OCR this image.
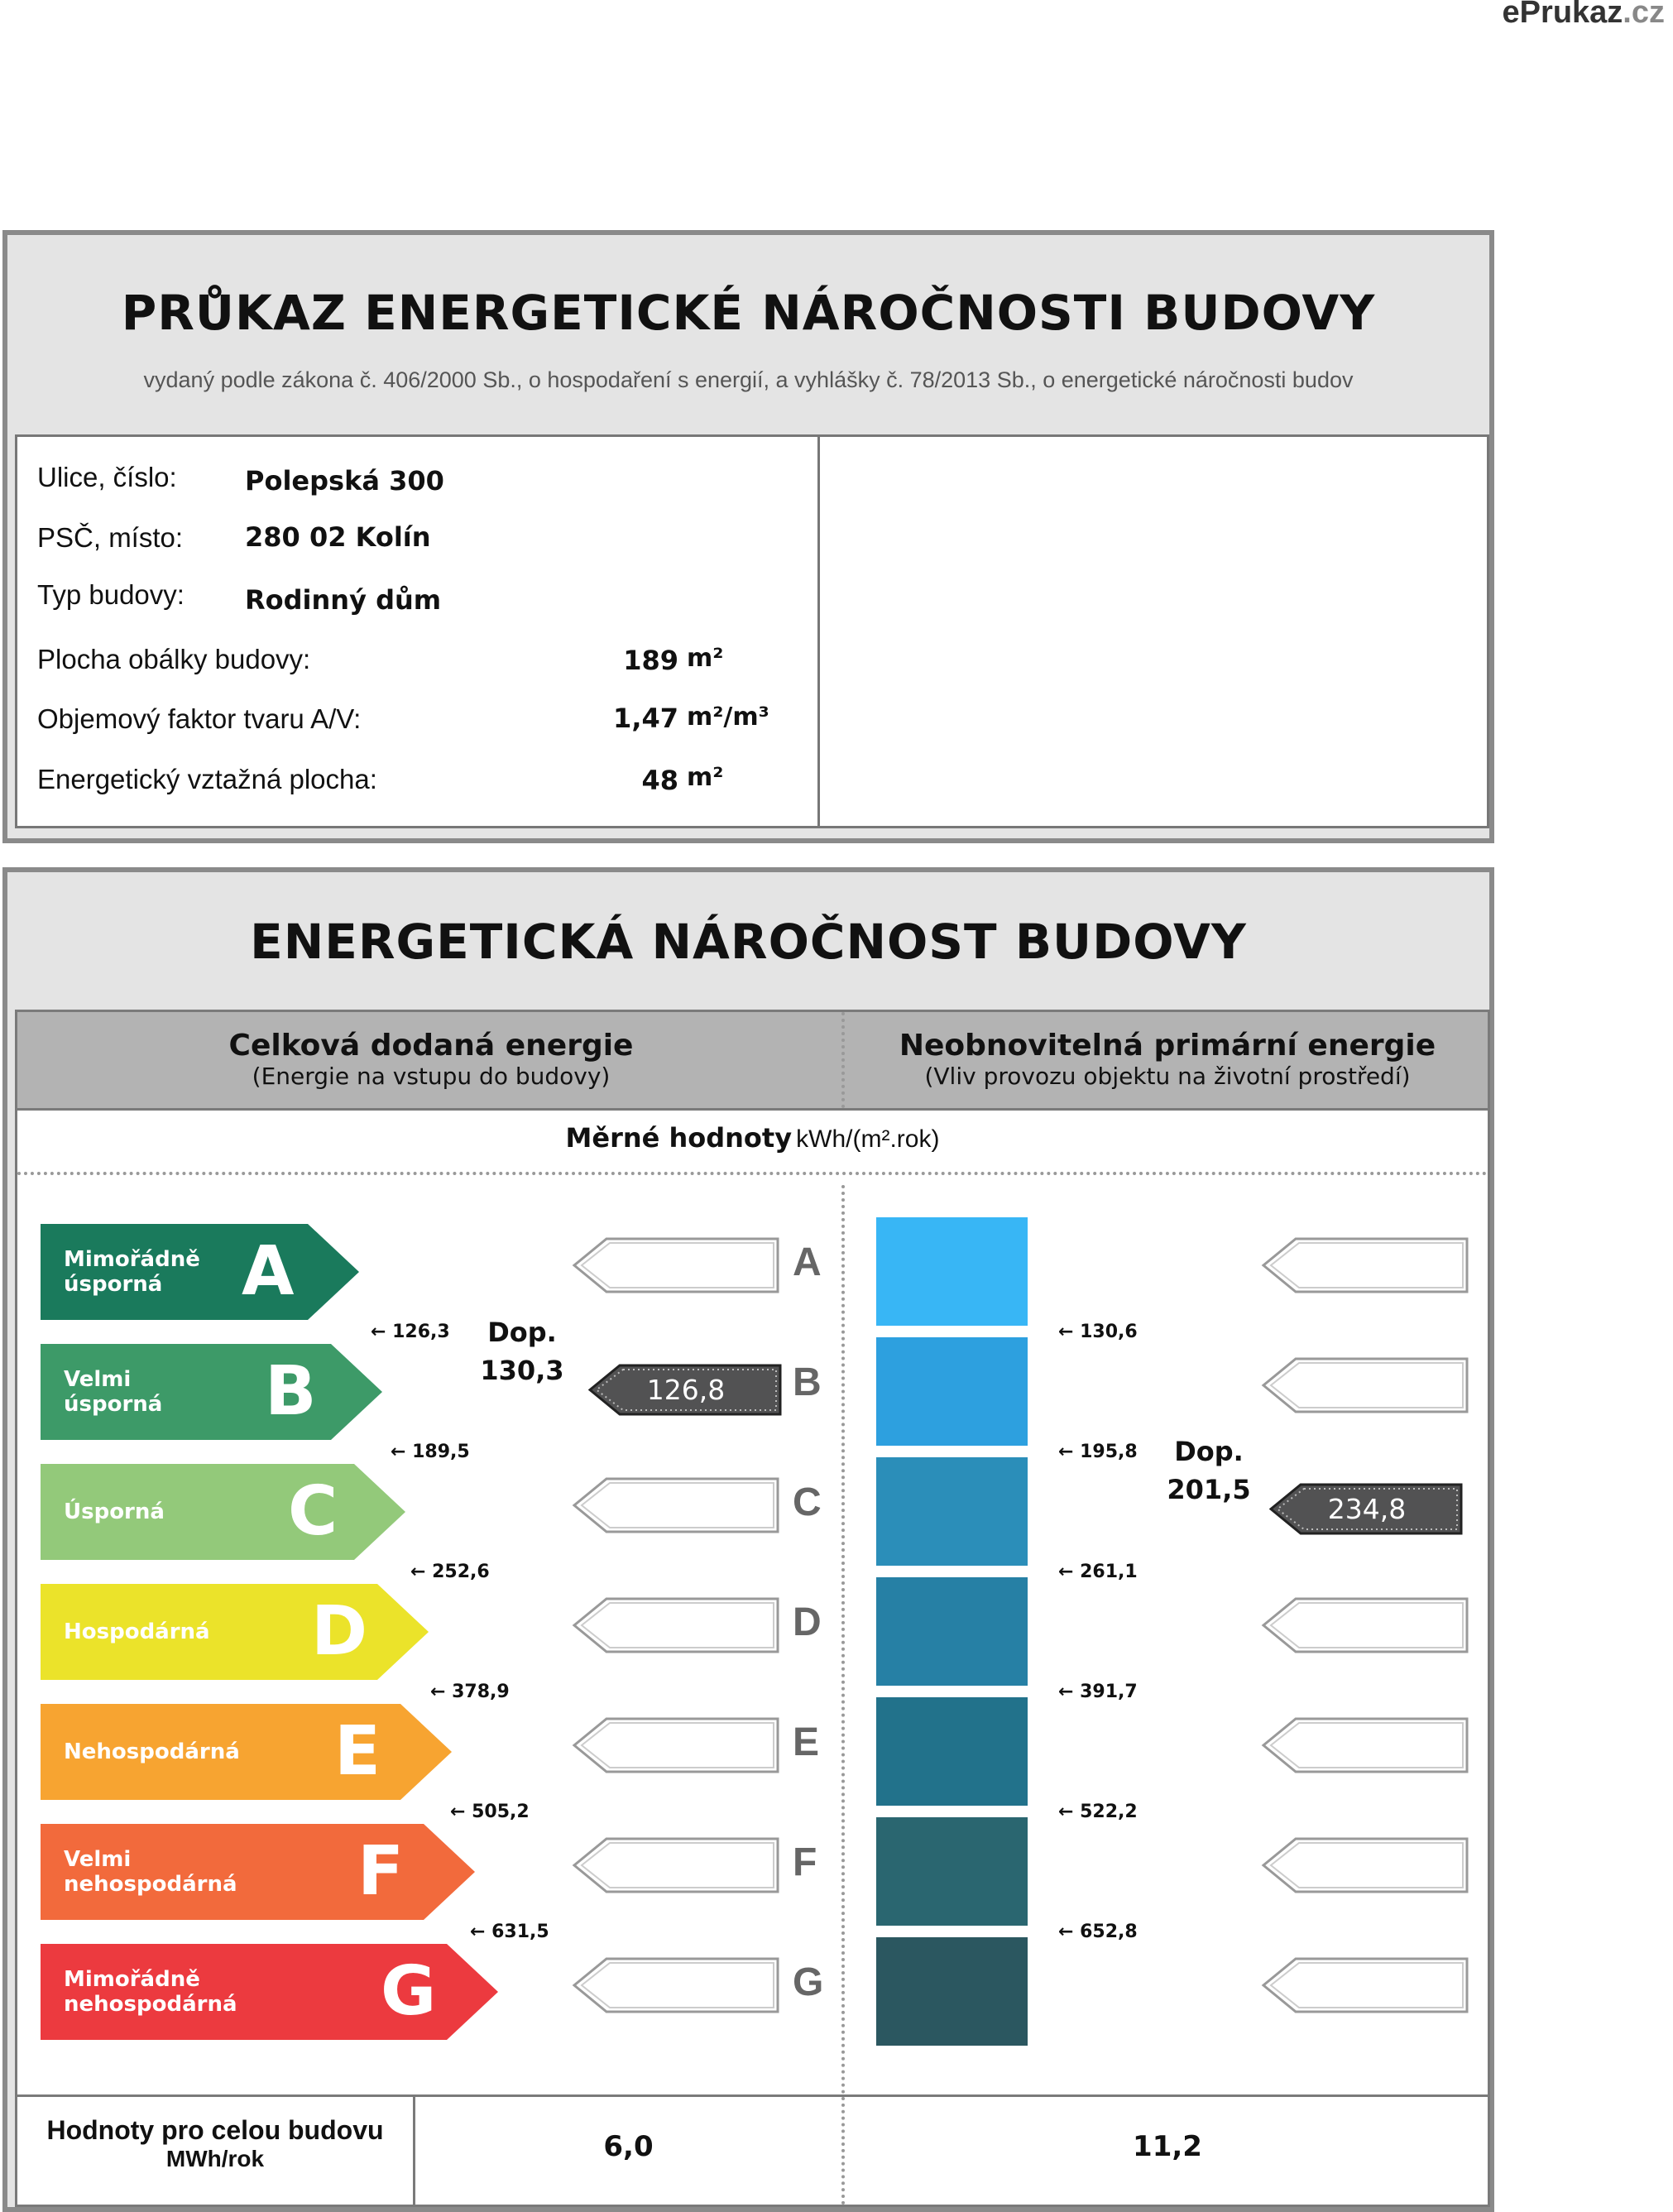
ePrukaz.cz
PRŮKAZ ENERGETICKÉ NÁROČNOSTI BUDOVY
vydaný podle zákona č. 406/2000 Sb., o hospodaření s energií, a vyhlášky č. 78/2013 Sb., o energetické náročnosti budov
Ulice, číslo:	Polepská 300
PSČ, místo: 280 02 Kolín
Typ budovy: Rodinný dům
Plocha obálky budovy:	189 m²
Objemový faktor tvaru A/V:	1,47 m²/m³
Energetický vztažná plocha:	48 m²
ENERGETICKÁ NÁROČNOST BUDOVY
Celková dodaná energie
(Energie na vstupu do budovy)
Neobnovitelná primární energie
(Vliv provozu objektu na životní prostředí)
Měrné hodnoty kWh/(m².rok)
Mimořádně
úsporná	A
Velmi
úsporná B
Úsporná C
Hospodárná D
Nehospodárná E
Velmi
nehospodárná F
Mimořádně
nehospodárná G
A
B
C
D
E
F
G
← 126,3
← 189,5
← 252,6
← 378,9
← 505,2
← 631,5
← 130,6
← 195,8
← 261,1
← 391,7
← 522,2
← 652,8
Dop.
130,3
126,8
Dop.
201,5
234,8
Hodnoty pro celou budovu
MWh/rok	6,0	11,2
